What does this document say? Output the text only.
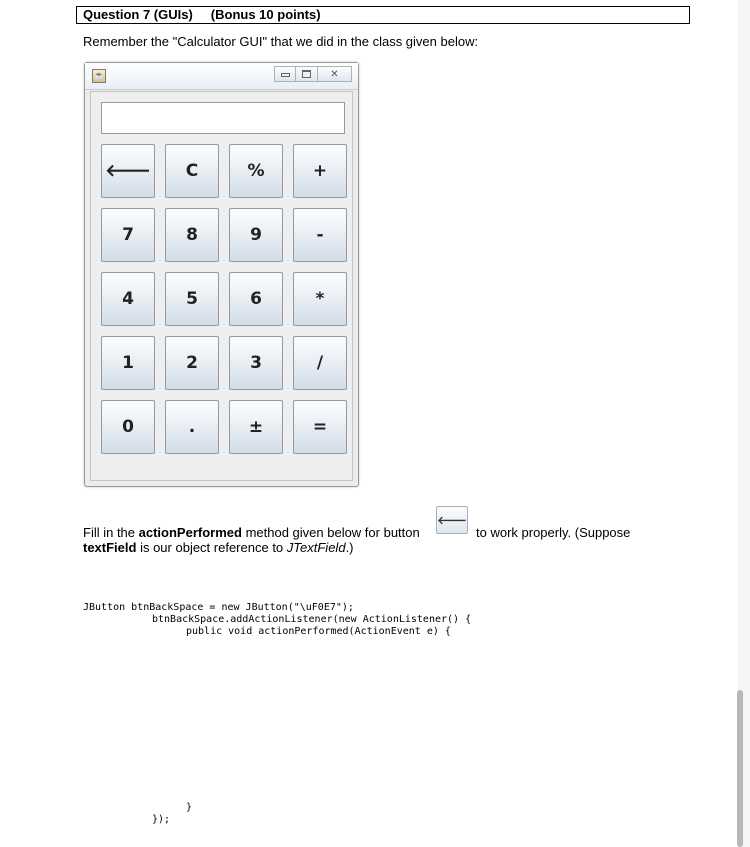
Question 7 (GUIs) (Bonus 10 points)
Remember the "Calculator GUI" that we did in the class given below:
☕	✕
🡐	C	%	+
7	8	9	-
4	5	6	*
1	2	3	/
0	.	±	=
Fill in the actionPerformed method given below for button
🡐
to work properly. (Suppose
textField is our object reference to JTextField.)
JButton btnBackSpace = new JButton("\uF0E7");
btnBackSpace.addActionListener(new ActionListener() {
public void actionPerformed(ActionEvent e) {
}
});
